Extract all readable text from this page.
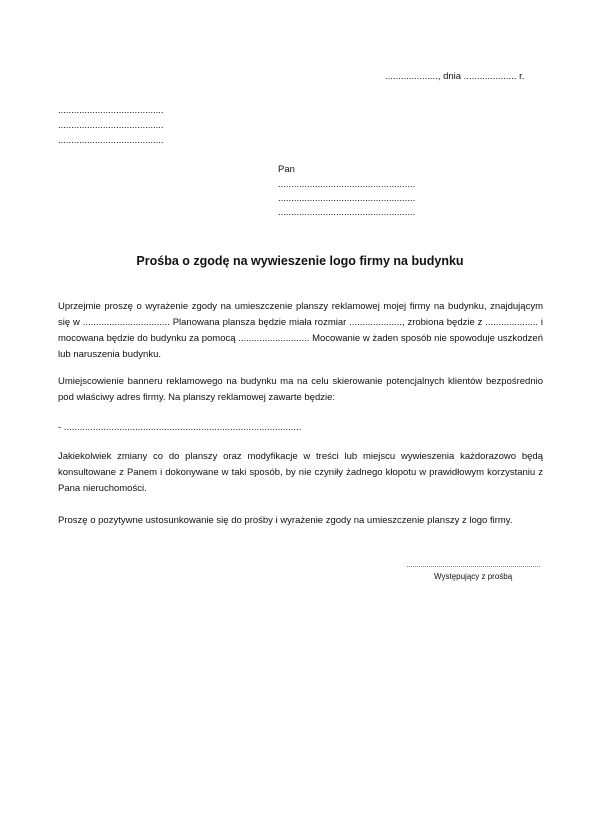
...................., dnia .................... r.
........................................
........................................
........................................
Pan
....................................................
....................................................
....................................................
Prośba o zgodę na wywieszenie logo firmy na budynku
Uprzejmie proszę o wyrażenie zgody na umieszczenie planszy reklamowej mojej firmy na budynku, znajdującym się w ................................. Planowana plansza będzie miała rozmiar ...................., zrobiona będzie z .................... i mocowana będzie do budynku za pomocą ........................... Mocowanie w żaden sposób nie spowoduje uszkodzeń lub naruszenia budynku.
Umiejscowienie banneru reklamowego na budynku ma na celu skierowanie potencjalnych klientów bezpośrednio pod właściwy adres firmy. Na planszy reklamowej zawarte będzie:
- ..........................................................................................
Jakiekolwiek zmiany co do planszy oraz modyfikacje w treści lub miejscu wywieszenia każdorazowo będą konsultowane z Panem i dokonywane w taki sposób, by nie czyniły żadnego kłopotu w prawidłowym korzystaniu z Pana nieruchomości.
Proszę o pozytywne ustosunkowanie się do prośby i wyrażenie zgody na umieszczenie planszy z logo firmy.
Występujący z prośbą
